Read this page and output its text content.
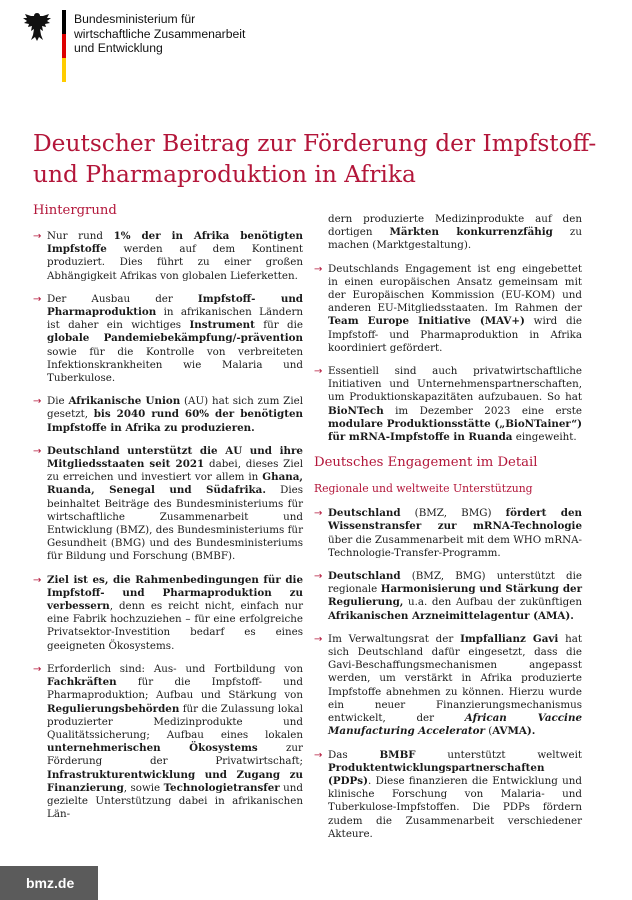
Bundesministerium für
wirtschaftliche Zusammenarbeit
und Entwicklung
Deutscher Beitrag zur Förderung der Impfstoff-
und Pharmaproduktion in Afrika
Hintergrund

→ Nur rund 1% der in Afrika benötigten Impfstoffe werden auf dem Kontinent produziert. Dies führt zu einer großen Abhängigkeit Afrikas von globalen Lieferketten.

→ Der Ausbau der Impfstoff- und Pharmaproduktion in afrikanischen Ländern ist daher ein wichtiges Instrument für die globale Pandemiebekämpfung/-prävention sowie für die Kontrolle von verbreiteten Infektionskrankheiten wie Malaria und Tuberkulose.

→ Die Afrikanische Union (AU) hat sich zum Ziel gesetzt, bis 2040 rund 60% der benötigten Impfstoffe in Afrika zu produzieren.

→ Deutschland unterstützt die AU und ihre Mitgliedsstaaten seit 2021 dabei, dieses Ziel zu erreichen und investiert vor allem in Ghana, Ruanda, Senegal und Südafrika. Dies beinhaltet Beiträge des Bundesministeriums für wirtschaftliche Zusammenarbeit und Entwicklung (BMZ), des Bundesministeriums für Gesundheit (BMG) und des Bundesministeriums für Bildung und Forschung (BMBF).

→ Ziel ist es, die Rahmenbedingungen für die Impfstoff- und Pharmaproduktion zu verbessern, denn es reicht nicht, einfach nur eine Fabrik hochzuziehen – für eine erfolgreiche Privatsektor-Investition bedarf es eines geeigneten Ökosystems.

→ Erforderlich sind: Aus- und Fortbildung von Fachkräften für die Impfstoff- und Pharmaproduktion; Aufbau und Stärkung von Regulierungsbehörden für die Zulassung lokal produzierter Medizinprodukte und Qualitätssicherung; Aufbau eines lokalen unternehmerischen Ökosystems zur Förderung der Privatwirtschaft; Infrastrukturentwicklung und Zugang zu Finanzierung, sowie Technologietransfer und gezielte Unterstützung dabei in afrikanischen Län-

dern produzierte Medizinprodukte auf den dortigen Märkten konkurrenzfähig zu machen (Marktgestaltung).

→ Deutschlands Engagement ist eng eingebettet in einen europäischen Ansatz gemeinsam mit der Europäischen Kommission (EU-KOM) und anderen EU-Mitgliedsstaaten. Im Rahmen der Team Europe Initiative (MAV+) wird die Impfstoff- und Pharmaproduktion in Afrika koordiniert gefördert.

→ Essentiell sind auch privatwirtschaftliche Initiativen und Unternehmenspartnerschaften, um Produktionskapazitäten aufzubauen. So hat BioNTech im Dezember 2023 eine erste modulare Produktionsstätte („BioNTainer“) für mRNA-Impfstoffe in Ruanda eingeweiht.

Deutsches Engagement im Detail
Regionale und weltweite Unterstützung

→ Deutschland (BMZ, BMG) fördert den Wissenstransfer zur mRNA-Technologie über die Zusammenarbeit mit dem WHO mRNA-Technologie-Transfer-Programm.

→ Deutschland (BMZ, BMG) unterstützt die regionale Harmonisierung und Stärkung der Regulierung, u.a. den Aufbau der zukünftigen Afrikanischen Arzneimittelagentur (AMA).

→ Im Verwaltungsrat der Impfallianz Gavi hat sich Deutschland dafür eingesetzt, dass die Gavi-Beschaffungsmechanismen angepasst werden, um verstärkt in Afrika produzierte Impfstoffe abnehmen zu können. Hierzu wurde ein neuer Finanzierungsmechanismus entwickelt, der African Vaccine Manufacturing Accelerator (AVMA).

→ Das BMBF unterstützt weltweit Produktentwicklungspartnerschaften (PDPs). Diese finanzieren die Entwicklung und klinische Forschung von Malaria- und Tuberkulose-Impfstoffen. Die PDPs fördern zudem die Zusammenarbeit verschiedener Akteure.

bmz.de
